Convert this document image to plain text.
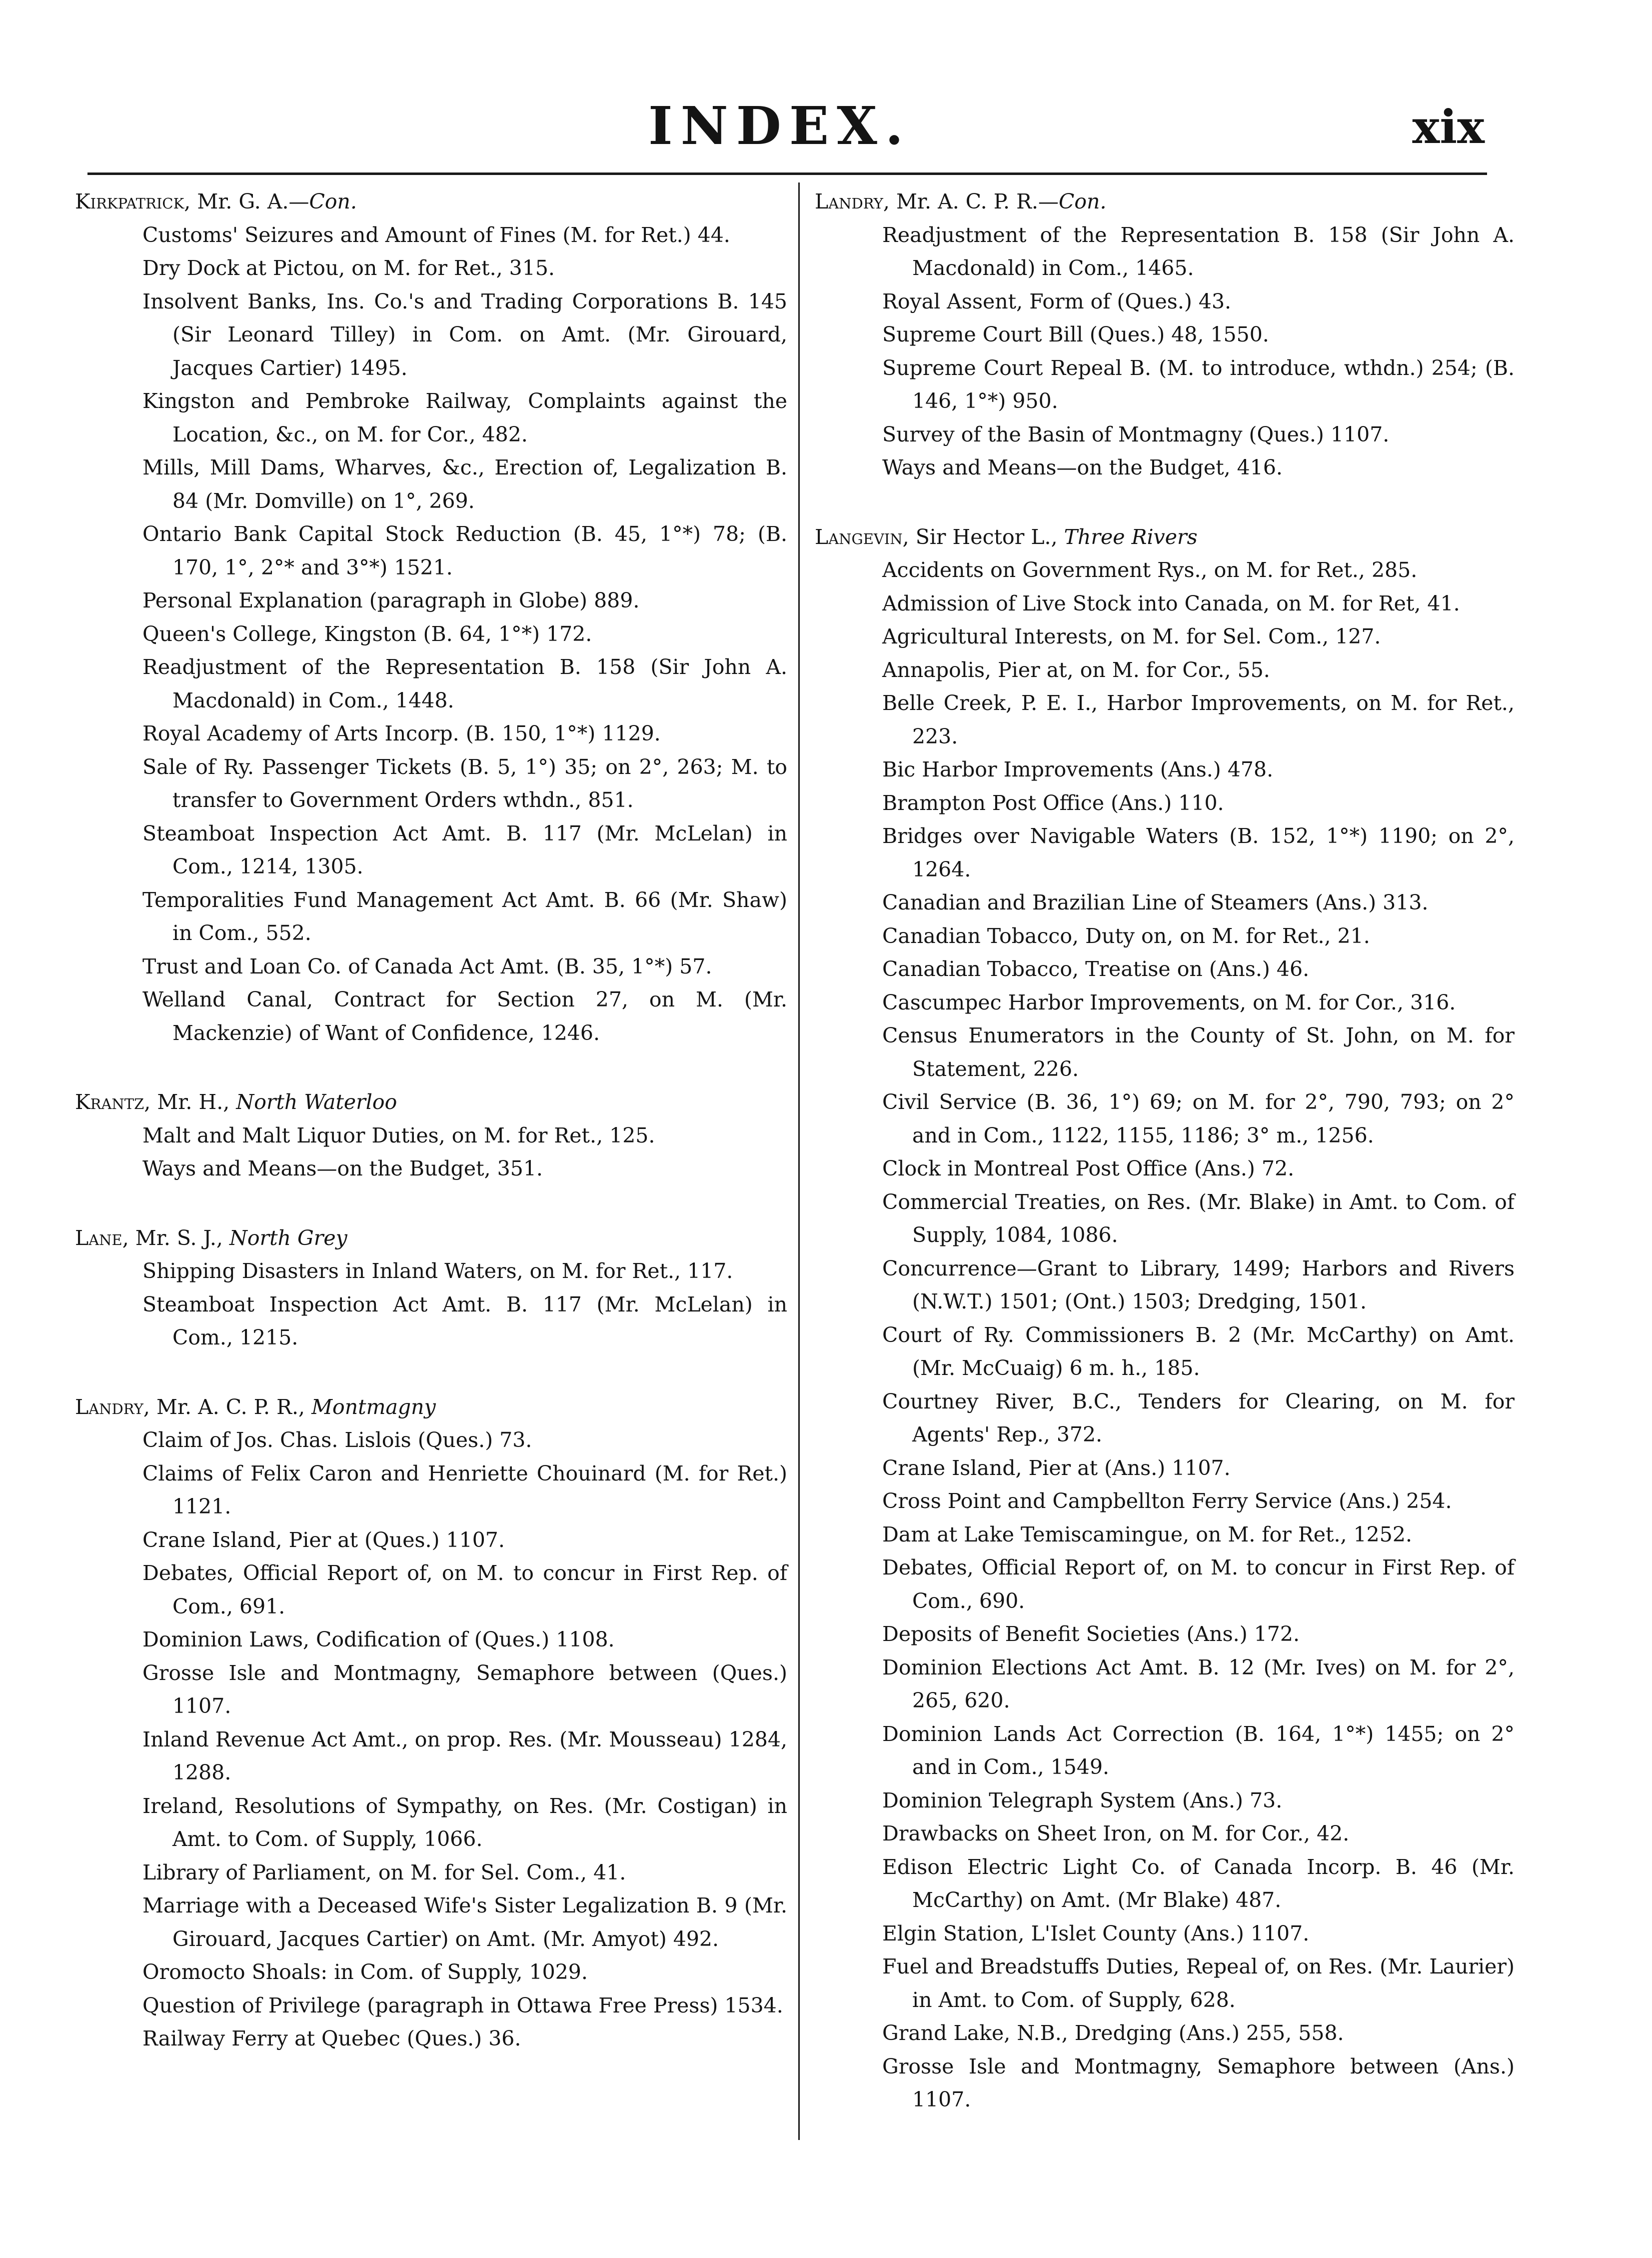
INDEX.	xix
Kirkpatrick, Mr. G. A.—Con.
Customs' Seizures and Amount of Fines (M. for Ret.) 44.
Dry Dock at Pictou, on M. for Ret., 315.
Insolvent Banks, Ins. Co.'s and Trading Corporations B. 145 (Sir Leonard Tilley) in Com. on Amt. (Mr. Girouard, Jacques Cartier) 1495.
Kingston and Pembroke Railway, Complaints against the Location, &c., on M. for Cor., 482.
Mills, Mill Dams, Wharves, &c., Erection of, Legalization B. 84 (Mr. Domville) on 1°, 269.
Ontario Bank Capital Stock Reduction (B. 45, 1°*) 78; (B. 170, 1°, 2°* and 3°*) 1521.
Personal Explanation (paragraph in Globe) 889.
Queen's College, Kingston (B. 64, 1°*) 172.
Readjustment of the Representation B. 158 (Sir John A. Macdonald) in Com., 1448.
Royal Academy of Arts Incorp. (B. 150, 1°*) 1129.
Sale of Ry. Passenger Tickets (B. 5, 1°) 35; on 2°, 263; M. to transfer to Government Orders wthdn., 851.
Steamboat Inspection Act Amt. B. 117 (Mr. McLelan) in Com., 1214, 1305.
Temporalities Fund Management Act Amt. B. 66 (Mr. Shaw) in Com., 552.
Trust and Loan Co. of Canada Act Amt. (B. 35, 1°*) 57.
Welland Canal, Contract for Section 27, on M. (Mr. Mackenzie) of Want of Confidence, 1246.
Krantz, Mr. H., North Waterloo
Malt and Malt Liquor Duties, on M. for Ret., 125.
Ways and Means—on the Budget, 351.
Lane, Mr. S. J., North Grey
Shipping Disasters in Inland Waters, on M. for Ret., 117.
Steamboat Inspection Act Amt. B. 117 (Mr. McLelan) in Com., 1215.
Landry, Mr. A. C. P. R., Montmagny
Claim of Jos. Chas. Lislois (Ques.) 73.
Claims of Felix Caron and Henriette Chouinard (M. for Ret.) 1121.
Crane Island, Pier at (Ques.) 1107.
Debates, Official Report of, on M. to concur in First Rep. of Com., 691.
Dominion Laws, Codification of (Ques.) 1108.
Grosse Isle and Montmagny, Semaphore between (Ques.) 1107.
Inland Revenue Act Amt., on prop. Res. (Mr. Mousseau) 1284, 1288.
Ireland, Resolutions of Sympathy, on Res. (Mr. Costigan) in Amt. to Com. of Supply, 1066.
Library of Parliament, on M. for Sel. Com., 41.
Marriage with a Deceased Wife's Sister Legalization B. 9 (Mr. Girouard, Jacques Cartier) on Amt. (Mr. Amyot) 492.
Oromocto Shoals: in Com. of Supply, 1029.
Question of Privilege (paragraph in Ottawa Free Press) 1534.
Railway Ferry at Quebec (Ques.) 36.
Landry, Mr. A. C. P. R.—Con.
Readjustment of the Representation B. 158 (Sir John A. Macdonald) in Com., 1465.
Royal Assent, Form of (Ques.) 43.
Supreme Court Bill (Ques.) 48, 1550.
Supreme Court Repeal B. (M. to introduce, wthdn.) 254; (B. 146, 1°*) 950.
Survey of the Basin of Montmagny (Ques.) 1107.
Ways and Means—on the Budget, 416.
Langevin, Sir Hector L., Three Rivers
Accidents on Government Rys., on M. for Ret., 285.
Admission of Live Stock into Canada, on M. for Ret, 41.
Agricultural Interests, on M. for Sel. Com., 127.
Annapolis, Pier at, on M. for Cor., 55.
Belle Creek, P. E. I., Harbor Improvements, on M. for Ret., 223.
Bic Harbor Improvements (Ans.) 478.
Brampton Post Office (Ans.) 110.
Bridges over Navigable Waters (B. 152, 1°*) 1190; on 2°, 1264.
Canadian and Brazilian Line of Steamers (Ans.) 313.
Canadian Tobacco, Duty on, on M. for Ret., 21.
Canadian Tobacco, Treatise on (Ans.) 46.
Cascumpec Harbor Improvements, on M. for Cor., 316.
Census Enumerators in the County of St. John, on M. for Statement, 226.
Civil Service (B. 36, 1°) 69; on M. for 2°, 790, 793; on 2° and in Com., 1122, 1155, 1186; 3° m., 1256.
Clock in Montreal Post Office (Ans.) 72.
Commercial Treaties, on Res. (Mr. Blake) in Amt. to Com. of Supply, 1084, 1086.
Concurrence—Grant to Library, 1499; Harbors and Rivers (N.W.T.) 1501; (Ont.) 1503; Dredging, 1501.
Court of Ry. Commissioners B. 2 (Mr. McCarthy) on Amt. (Mr. McCuaig) 6 m. h., 185.
Courtney River, B.C., Tenders for Clearing, on M. for Agents' Rep., 372.
Crane Island, Pier at (Ans.) 1107.
Cross Point and Campbellton Ferry Service (Ans.) 254.
Dam at Lake Temiscamingue, on M. for Ret., 1252.
Debates, Official Report of, on M. to concur in First Rep. of Com., 690.
Deposits of Benefit Societies (Ans.) 172.
Dominion Elections Act Amt. B. 12 (Mr. Ives) on M. for 2°, 265, 620.
Dominion Lands Act Correction (B. 164, 1°*) 1455; on 2° and in Com., 1549.
Dominion Telegraph System (Ans.) 73.
Drawbacks on Sheet Iron, on M. for Cor., 42.
Edison Electric Light Co. of Canada Incorp. B. 46 (Mr. McCarthy) on Amt. (Mr Blake) 487.
Elgin Station, L'Islet County (Ans.) 1107.
Fuel and Breadstuffs Duties, Repeal of, on Res. (Mr. Laurier) in Amt. to Com. of Supply, 628.
Grand Lake, N.B., Dredging (Ans.) 255, 558.
Grosse Isle and Montmagny, Semaphore between (Ans.) 1107.
